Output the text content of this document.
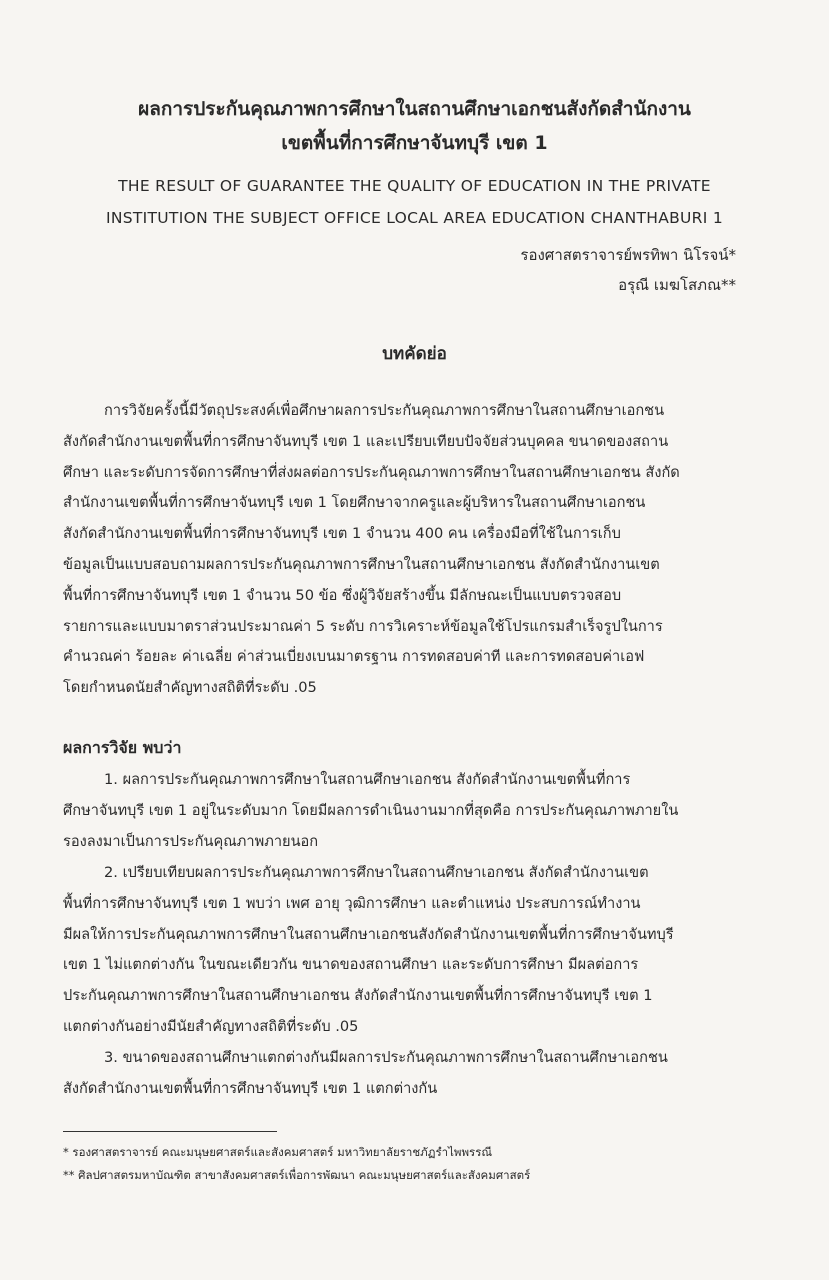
ผลการประกันคุณภาพการศึกษาในสถานศึกษาเอกชนสังกัดสำนักงาน
เขตพื้นที่การศึกษาจันทบุรี เขต 1
THE RESULT OF GUARANTEE THE QUALITY OF EDUCATION IN THE PRIVATE
INSTITUTION THE SUBJECT OFFICE LOCAL AREA EDUCATION CHANTHABURI 1
รองศาสตราจารย์พรทิพา นิโรจน์*
อรุณี เมฆโสภณ**
บทคัดย่อ
การวิจัยครั้งนี้มีวัตถุประสงค์เพื่อศึกษาผลการประกันคุณภาพการศึกษาในสถานศึกษาเอกชน
สังกัดสำนักงานเขตพื้นที่การศึกษาจันทบุรี เขต 1 และเปรียบเทียบปัจจัยส่วนบุคคล ขนาดของสถาน
ศึกษา และระดับการจัดการศึกษาที่ส่งผลต่อการประกันคุณภาพการศึกษาในสถานศึกษาเอกชน สังกัด
สำนักงานเขตพื้นที่การศึกษาจันทบุรี เขต 1 โดยศึกษาจากครูและผู้บริหารในสถานศึกษาเอกชน
สังกัดสำนักงานเขตพื้นที่การศึกษาจันทบุรี เขต 1 จำนวน 400 คน เครื่องมือที่ใช้ในการเก็บ
ข้อมูลเป็นแบบสอบถามผลการประกันคุณภาพการศึกษาในสถานศึกษาเอกชน สังกัดสำนักงานเขต
พื้นที่การศึกษาจันทบุรี เขต 1 จำนวน 50 ข้อ ซึ่งผู้วิจัยสร้างขึ้น มีลักษณะเป็นแบบตรวจสอบ
รายการและแบบมาตราส่วนประมาณค่า 5 ระดับ การวิเคราะห์ข้อมูลใช้โปรแกรมสำเร็จรูปในการ
คำนวณค่า ร้อยละ ค่าเฉลี่ย ค่าส่วนเบี่ยงเบนมาตรฐาน การทดสอบค่าที และการทดสอบค่าเอฟ
โดยกำหนดนัยสำคัญทางสถิติที่ระดับ .05
ผลการวิจัย พบว่า
1. ผลการประกันคุณภาพการศึกษาในสถานศึกษาเอกชน สังกัดสำนักงานเขตพื้นที่การ
ศึกษาจันทบุรี เขต 1 อยู่ในระดับมาก โดยมีผลการดำเนินงานมากที่สุดคือ การประกันคุณภาพภายใน
รองลงมาเป็นการประกันคุณภาพภายนอก
2. เปรียบเทียบผลการประกันคุณภาพการศึกษาในสถานศึกษาเอกชน สังกัดสำนักงานเขต
พื้นที่การศึกษาจันทบุรี เขต 1 พบว่า เพศ อายุ วุฒิการศึกษา และตำแหน่ง ประสบการณ์ทำงาน
มีผลให้การประกันคุณภาพการศึกษาในสถานศึกษาเอกชนสังกัดสำนักงานเขตพื้นที่การศึกษาจันทบุรี
เขต 1 ไม่แตกต่างกัน ในขณะเดียวกัน ขนาดของสถานศึกษา และระดับการศึกษา มีผลต่อการ
ประกันคุณภาพการศึกษาในสถานศึกษาเอกชน สังกัดสำนักงานเขตพื้นที่การศึกษาจันทบุรี เขต 1
แตกต่างกันอย่างมีนัยสำคัญทางสถิติที่ระดับ .05
3. ขนาดของสถานศึกษาแตกต่างกันมีผลการประกันคุณภาพการศึกษาในสถานศึกษาเอกชน
สังกัดสำนักงานเขตพื้นที่การศึกษาจันทบุรี เขต 1 แตกต่างกัน
* รองศาสตราจารย์ คณะมนุษยศาสตร์และสังคมศาสตร์ มหาวิทยาลัยราชภัฏรำไพพรรณี
** ศิลปศาสตรมหาบัณฑิต สาขาสังคมศาสตร์เพื่อการพัฒนา คณะมนุษยศาสตร์และสังคมศาสตร์
